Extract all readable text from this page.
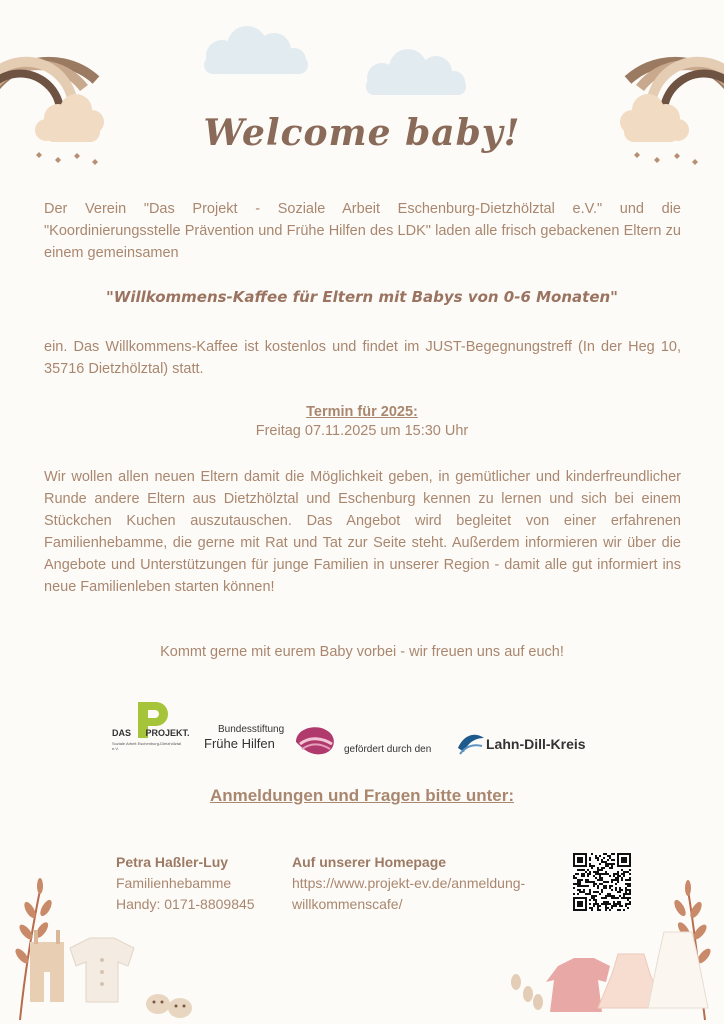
Welcome baby!
Der Verein "Das Projekt - Soziale Arbeit Eschenburg-Dietzhölztal e.V." und die "Koordinierungsstelle Prävention und Frühe Hilfen des LDK" laden alle frisch gebackenen Eltern zu einem gemeinsamen
"Willkommens-Kaffee für Eltern mit Babys von 0-6 Monaten"
ein. Das Willkommens-Kaffee ist kostenlos und findet im JUST-Begegnungstreff (In der Heg 10, 35716 Dietzhölztal) statt.
Termin für 2025:
Freitag 07.11.2025 um 15:30 Uhr
Wir wollen allen neuen Eltern damit die Möglichkeit geben, in gemütlicher und kinderfreundlicher Runde andere Eltern aus Dietzhölztal und Eschenburg kennen zu lernen und sich bei einem Stückchen Kuchen auszutauschen. Das Angebot wird begleitet von einer erfahrenen Familienhebamme, die gerne mit Rat und Tat zur Seite steht. Außerdem informieren wir über die Angebote und Unterstützungen für junge Familien in unserer Region - damit alle gut informiert ins neue Familienleben starten können!
Kommt gerne mit eurem Baby vorbei - wir freuen uns auf euch!
DAS PROJEKT.
Soziale Arbeit Eschenburg-Dietzhölztal e.V.
Bundesstiftung
Frühe Hilfen	gefördert durch den	Lahn-Dill-Kreis
Anmeldungen und Fragen bitte unter:
Petra Haßler-Luy
Familienhebamme
Handy: 0171-8809845
Auf unserer Homepage
https://www.projekt-ev.de/anmeldung-
willkommenscafe/
